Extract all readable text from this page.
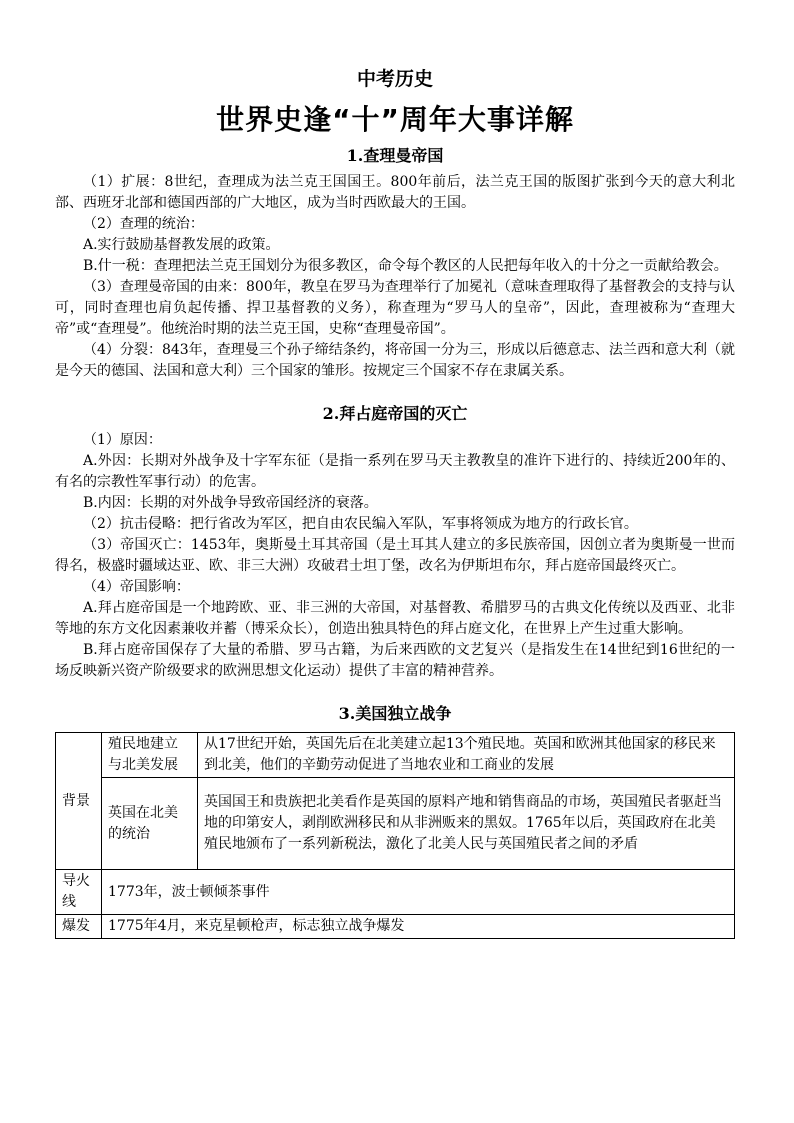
中考历史
世界史逢“十”周年大事详解
1.查理曼帝国

（1）扩展：8世纪，查理成为法兰克王国国王。800年前后，法兰克王国的版图扩张到今天的意大利北部、西班牙北部和德国西部的广大地区，成为当时西欧最大的王国。

（2）查理的统治：

A.实行鼓励基督教发展的政策。

B.什一税：查理把法兰克王国划分为很多教区，命令每个教区的人民把每年收入的十分之一贡献给教会。

（3）查理曼帝国的由来：800年，教皇在罗马为查理举行了加冕礼（意味查理取得了基督教会的支持与认可，同时查理也肩负起传播、捍卫基督教的义务），称查理为“罗马人的皇帝”，因此，查理被称为“查理大帝”或“查理曼”。他统治时期的法兰克王国，史称“查理曼帝国”。

（4）分裂：843年，查理曼三个孙子缔结条约，将帝国一分为三，形成以后德意志、法兰西和意大利（就是今天的德国、法国和意大利）三个国家的雏形。按规定三个国家不存在隶属关系。

2.拜占庭帝国的灭亡

（1）原因：

A.外因：长期对外战争及十字军东征（是指一系列在罗马天主教教皇的准许下进行的、持续近200年的、有名的宗教性军事行动）的危害。

B.内因：长期的对外战争导致帝国经济的衰落。

（2）抗击侵略：把行省改为军区，把自由农民编入军队，军事将领成为地方的行政长官。

（3）帝国灭亡：1453年，奥斯曼土耳其帝国（是土耳其人建立的多民族帝国，因创立者为奥斯曼一世而得名，极盛时疆域达亚、欧、非三大洲）攻破君士坦丁堡，改名为伊斯坦布尔，拜占庭帝国最终灭亡。

（4）帝国影响：

A.拜占庭帝国是一个地跨欧、亚、非三洲的大帝国，对基督教、希腊罗马的古典文化传统以及西亚、北非等地的东方文化因素兼收并蓄（博采众长），创造出独具特色的拜占庭文化，在世界上产生过重大影响。

B.拜占庭帝国保存了大量的希腊、罗马古籍，为后来西欧的文艺复兴（是指发生在14世纪到16世纪的一场反映新兴资产阶级要求的欧洲思想文化运动）提供了丰富的精神营养。

3.美国独立战争
背景	殖民地建立与北美发展	从17世纪开始，英国先后在北美建立起13个殖民地。英国和欧洲其他国家的移民来到北美，他们的辛勤劳动促进了当地农业和工商业的发展
	英国在北美的统治	英国国王和贵族把北美看作是英国的原料产地和销售商品的市场，英国殖民者驱赶当地的印第安人，剥削欧洲移民和从非洲贩来的黑奴。1765年以后，英国政府在北美殖民地颁布了一系列新税法，激化了北美人民与英国殖民者之间的矛盾
导火线	1773年，波士顿倾茶事件	
爆发	1775年4月，来克星顿枪声，标志独立战争爆发	
